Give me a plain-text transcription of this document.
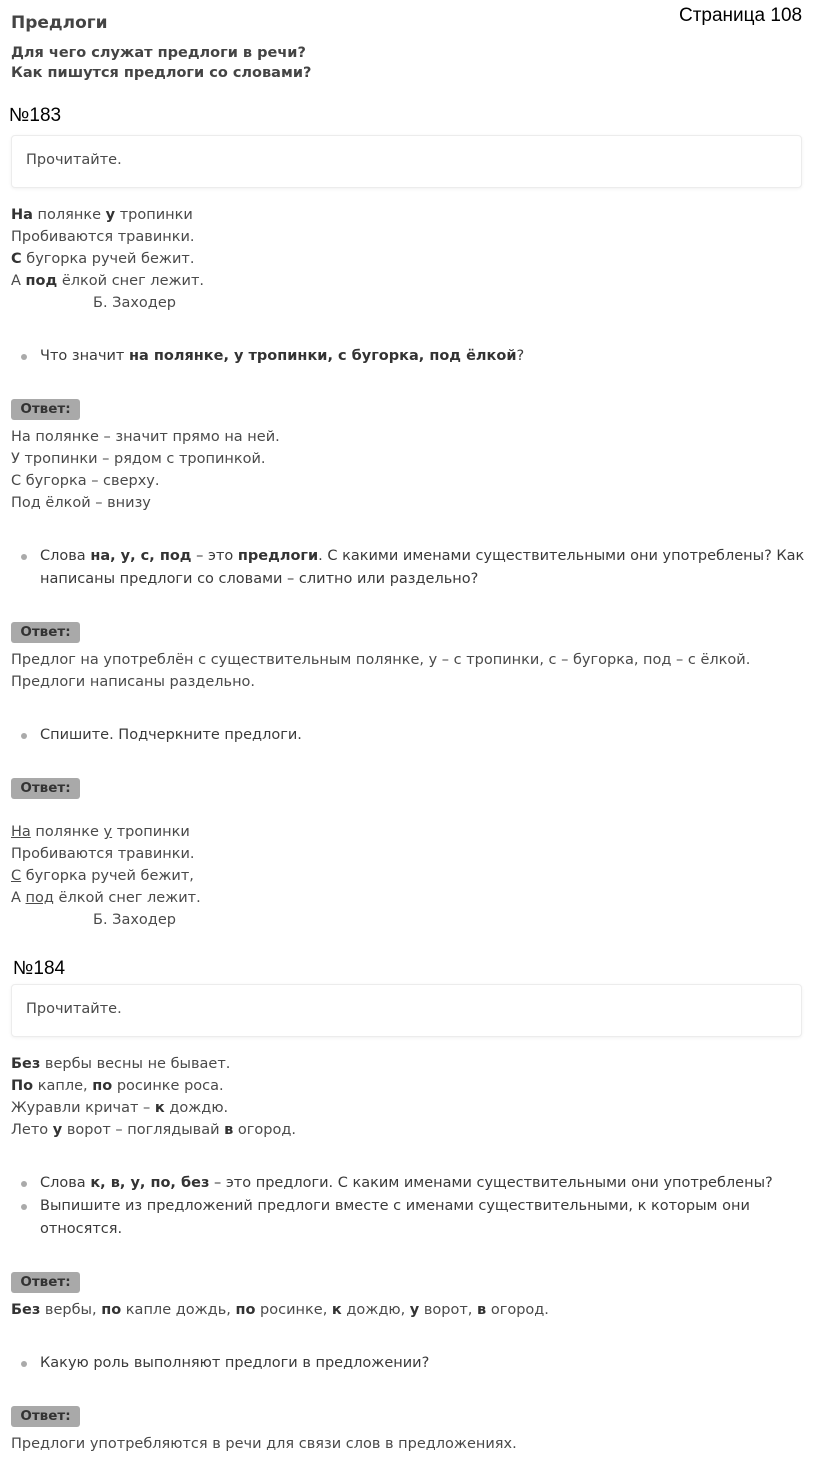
Страница 108
Предлоги
Для чего служат предлоги в речи?
Как пишутся предлоги со словами?
№183
Прочитайте.
На полянке у тропинки
Пробиваются травинки.
С бугорка ручей бежит.
А под ёлкой снег лежит.
Б. Заходер
Что значит на полянке, у тропинки, с бугорка, под ёлкой?
Ответ:
На полянке – значит прямо на ней.
У тропинки – рядом с тропинкой.
С бугорка – сверху.
Под ёлкой – внизу
Слова на, у, с, под – это предлоги. С какими именами существительными они употреблены? Как
написаны предлоги со словами – слитно или раздельно?
Ответ:
Предлог на употреблён с существительным полянке, у – с тропинки, с – бугорка, под – с ёлкой.
Предлоги написаны раздельно.
Спишите. Подчеркните предлоги.
Ответ:
На полянке у тропинки
Пробиваются травинки.
С бугорка ручей бежит,
А под ёлкой снег лежит.
Б. Заходер
№184
Прочитайте.
Без вербы весны не бывает.
По капле, по росинке роса.
Журавли кричат – к дождю.
Лето у ворот – поглядывай в огород.
Слова к, в, у, по, без – это предлоги. С каким именами существительными они употреблены?
Выпишите из предложений предлоги вместе с именами существительными, к которым они
относятся.
Ответ:
Без вербы, по капле дождь, по росинке, к дождю, у ворот, в огород.
Какую роль выполняют предлоги в предложении?
Ответ:
Предлоги употребляются в речи для связи слов в предложениях.
